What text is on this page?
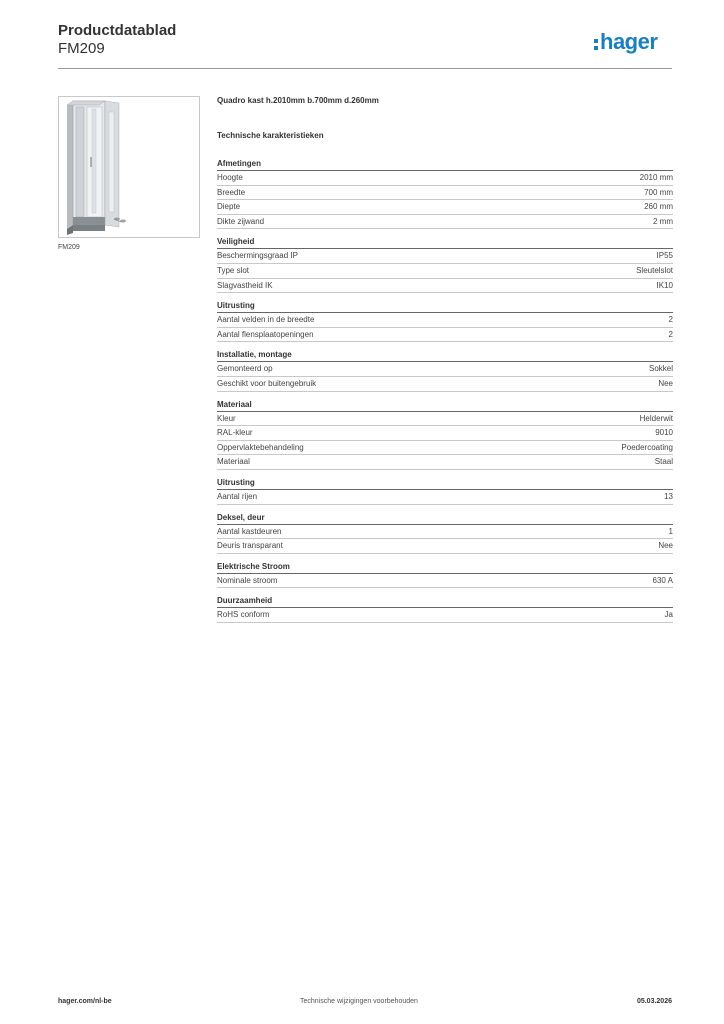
Productdatablad
FM209	hager
FM209
Quadro kast h.2010mm b.700mm d.260mm
Technische karakteristieken
Afmetingen
Hoogte	2010 mm
Breedte	700 mm
Diepte	260 mm
Dikte zijwand	2 mm
Veiligheid
Beschermingsgraad IP	IP55
Type slot	Sleutelslot
Slagvastheid IK	IK10
Uitrusting
Aantal velden in de breedte	2
Aantal flensplaatopeningen	2
Installatie, montage
Gemonteerd op	Sokkel
Geschikt voor buitengebruik	Nee
Materiaal
Kleur	Helderwit
RAL-kleur	9010
Oppervlaktebehandeling	Poedercoating
Materiaal	Staal
Uitrusting
Aantal rijen	13
Deksel, deur
Aantal kastdeuren	1
Deuris transparant	Nee
Elektrische Stroom
Nominale stroom	630 A
Duurzaamheid
RoHS conform	Ja
hager.com/nl-be	Technische wijzigingen voorbehouden	05.03.2026
